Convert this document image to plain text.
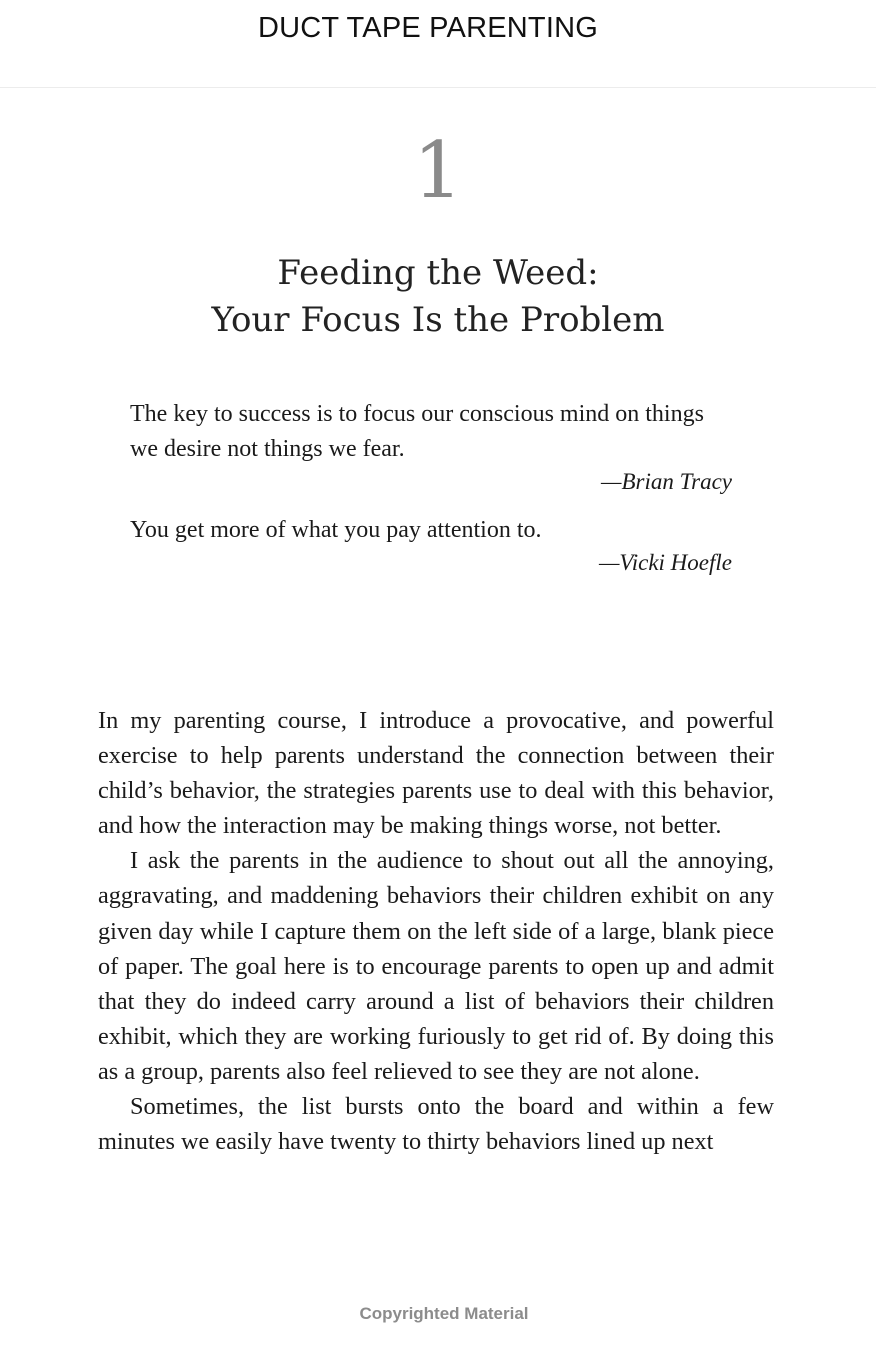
DUCT TAPE PARENTING
1
Feeding the Weed:
Your Focus Is the Problem
The key to success is to focus our conscious mind on things we desire not things we fear.
—Brian Tracy
You get more of what you pay attention to.
—Vicki Hoefle

In my parenting course, I introduce a provocative, and powerful exercise to help parents understand the connection between their child’s behavior, the strategies parents use to deal with this behavior, and how the interaction may be making things worse, not better.

I ask the parents in the audience to shout out all the annoying, aggravating, and maddening behaviors their children exhibit on any given day while I capture them on the left side of a large, blank piece of paper. The goal here is to encourage parents to open up and admit that they do indeed carry around a list of behaviors their children exhibit, which they are working furiously to get rid of. By doing this as a group, parents also feel relieved to see they are not alone.

Sometimes, the list bursts onto the board and within a few minutes we easily have twenty to thirty behaviors lined up next

Copyrighted Material
